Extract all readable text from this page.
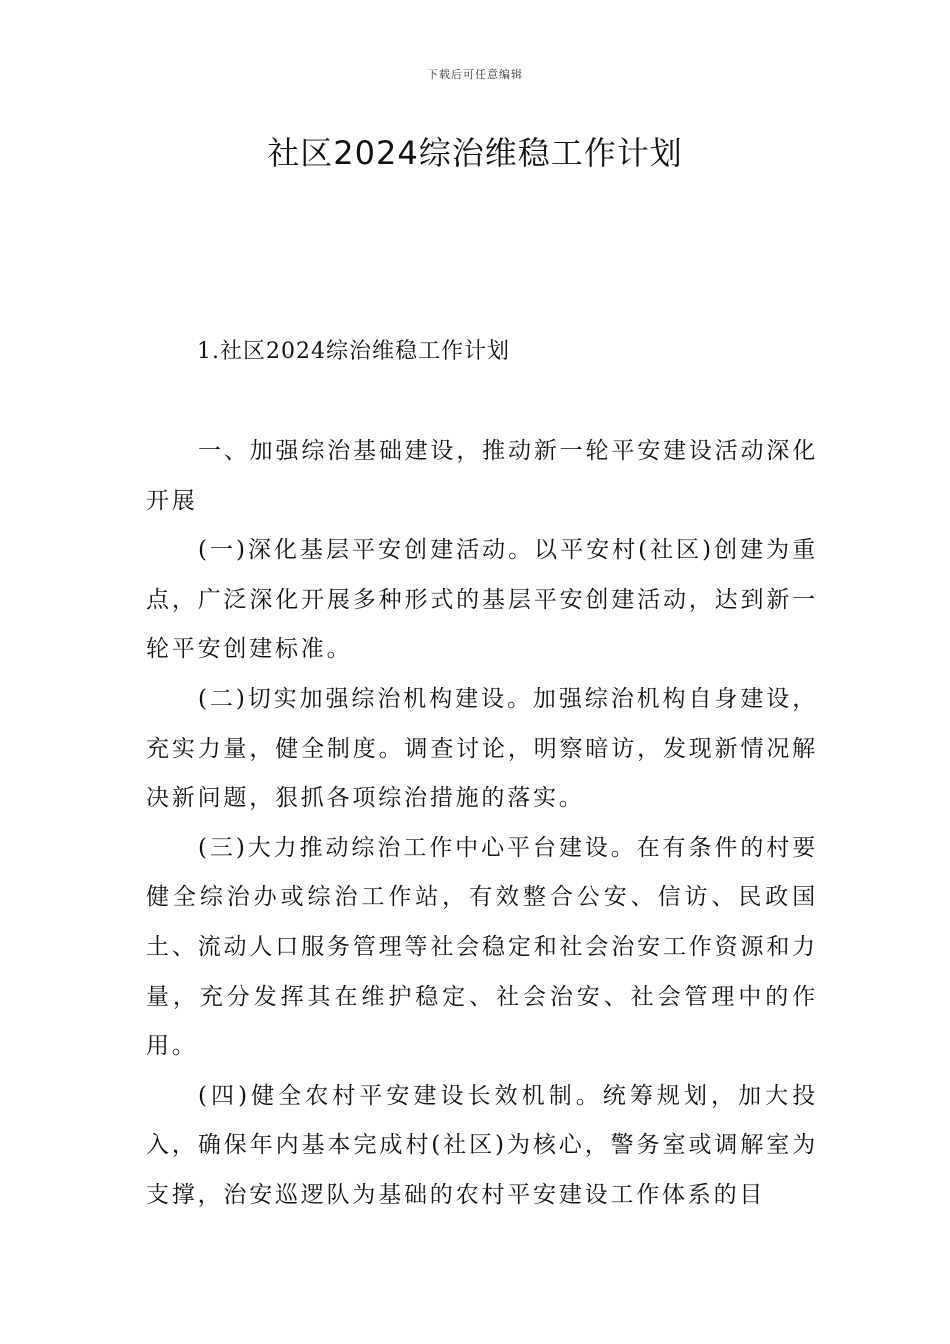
下载后可任意编辑
社区2024综治维稳工作计划
1.社区2024综治维稳工作计划

一、加强综治基础建设，推动新一轮平安建设活动深化开展

(一)深化基层平安创建活动。以平安村(社区)创建为重点，广泛深化开展多种形式的基层平安创建活动，达到新一轮平安创建标准。

(二)切实加强综治机构建设。加强综治机构自身建设，充实力量，健全制度。调查讨论，明察暗访，发现新情况解决新问题，狠抓各项综治措施的落实。

(三)大力推动综治工作中心平台建设。在有条件的村要健全综治办或综治工作站，有效整合公安、信访、民政国土、流动人口服务管理等社会稳定和社会治安工作资源和力量，充分发挥其在维护稳定、社会治安、社会管理中的作用。

(四)健全农村平安建设长效机制。统筹规划，加大投入，确保年内基本完成村(社区)为核心，警务室或调解室为支撑，治安巡逻队为基础的农村平安建设工作体系的目
